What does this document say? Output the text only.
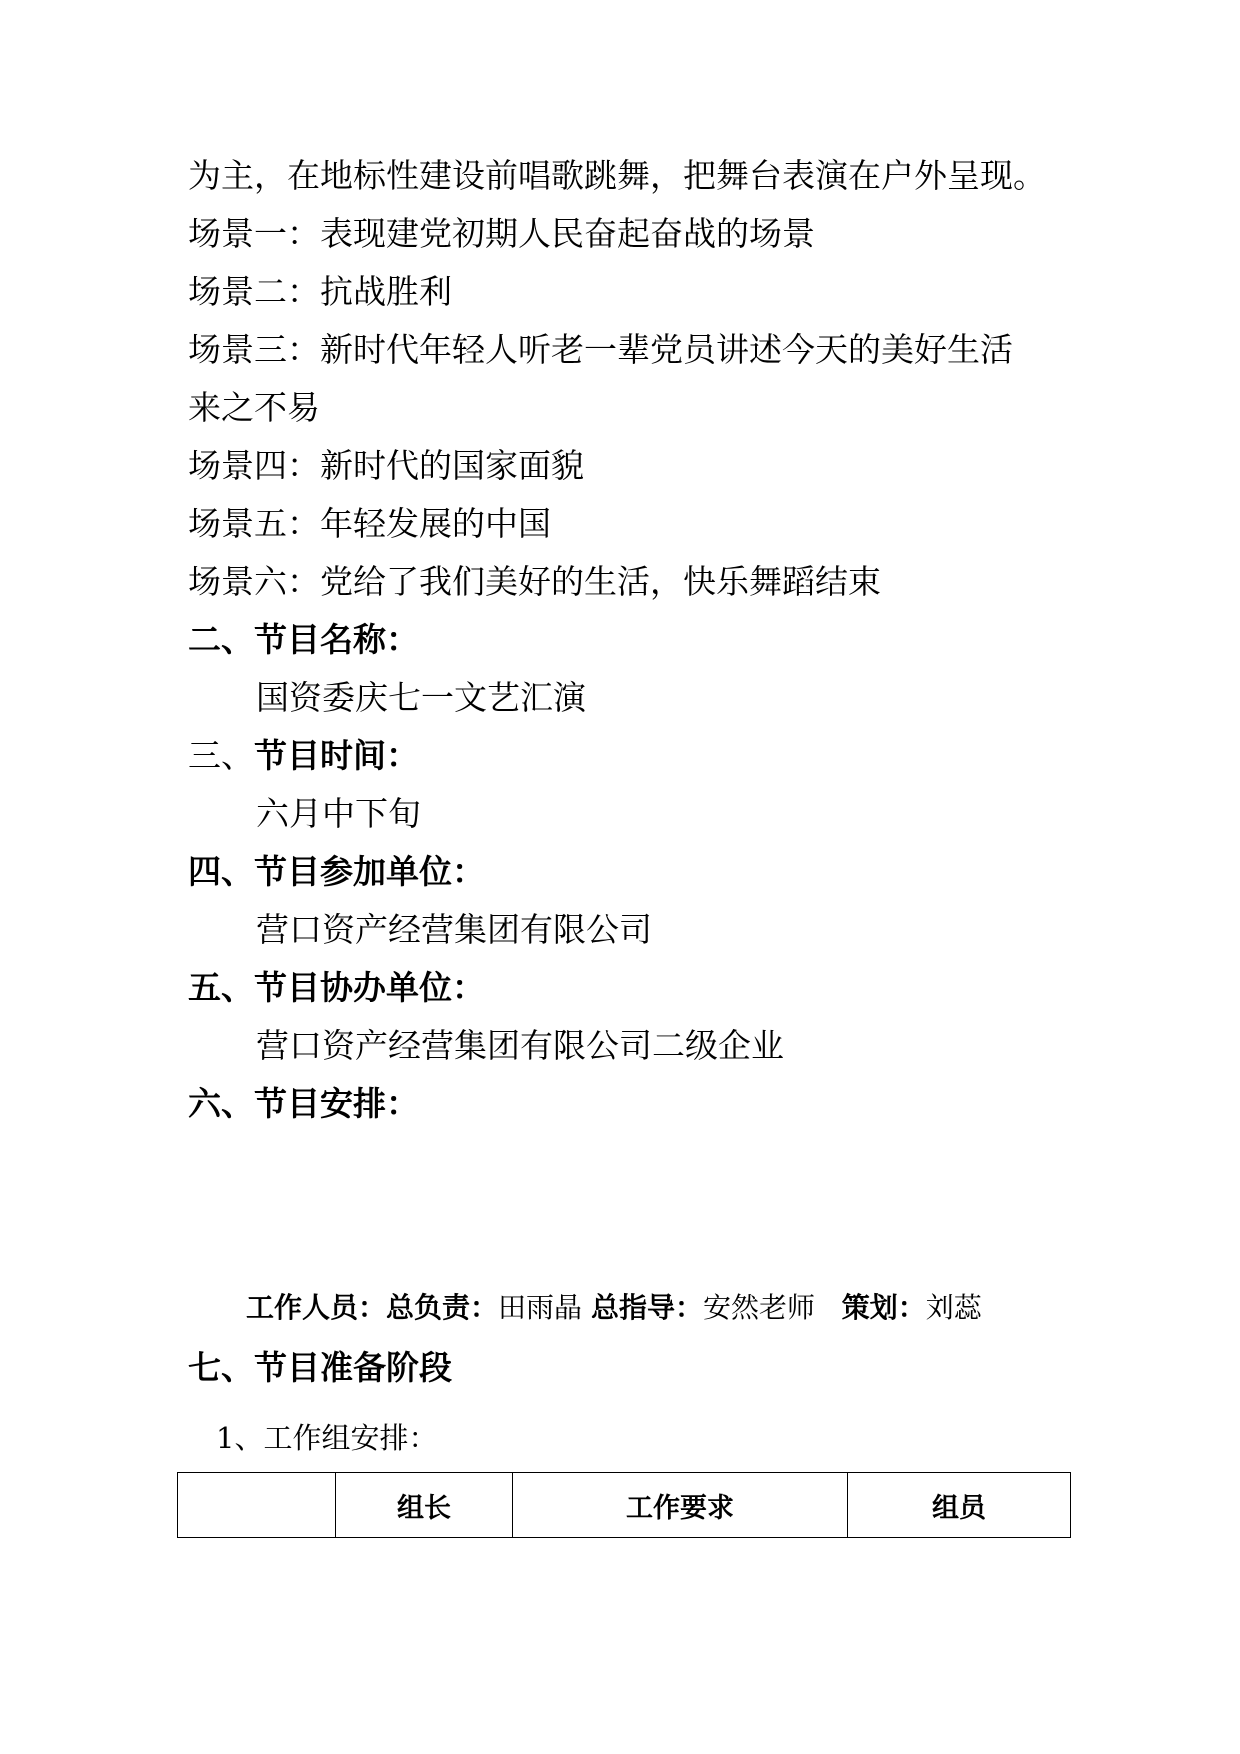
为主，在地标性建设前唱歌跳舞，把舞台表演在户外呈现。
场景一：表现建党初期人民奋起奋战的场景
场景二：抗战胜利
场景三：新时代年轻人听老一辈党员讲述今天的美好生活
来之不易
场景四：新时代的国家面貌
场景五：年轻发展的中国
场景六：党给了我们美好的生活，快乐舞蹈结束
二、节目名称：
国资委庆七一文艺汇演
三、节目时间：
六月中下旬
四、节目参加单位：
营口资产经营集团有限公司
五、节目协办单位：
营口资产经营集团有限公司二级企业
六、节目安排：
工作人员：总负责：田雨晶 总指导：安然老师 策划：刘蕊
七、节目准备阶段
1、工作组安排：
	组长	工作要求	组员
